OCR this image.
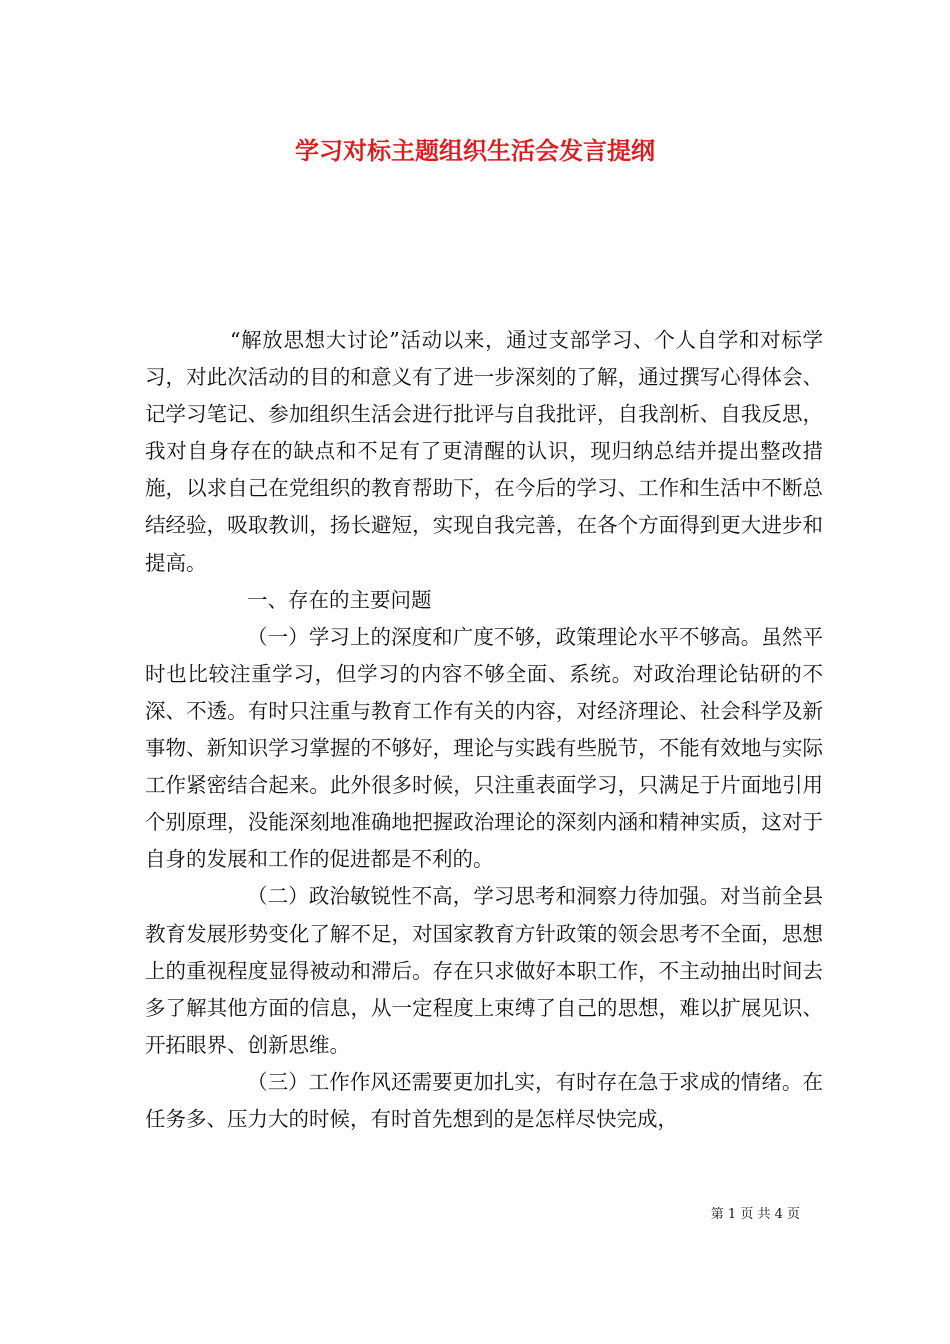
学习对标主题组织生活会发言提纲

“解放思想大讨论”活动以来，通过支部学习、个人自学和对标学习，对此次活动的目的和意义有了进一步深刻的了解，通过撰写心得体会、记学习笔记、参加组织生活会进行批评与自我批评，自我剖析、自我反思，我对自身存在的缺点和不足有了更清醒的认识，现归纳总结并提出整改措施，以求自己在党组织的教育帮助下，在今后的学习、工作和生活中不断总结经验，吸取教训，扬长避短，实现自我完善，在各个方面得到更大进步和提高。

一、存在的主要问题

（一）学习上的深度和广度不够，政策理论水平不够高。虽然平时也比较注重学习，但学习的内容不够全面、系统。对政治理论钻研的不深、不透。有时只注重与教育工作有关的内容，对经济理论、社会科学及新事物、新知识学习掌握的不够好，理论与实践有些脱节，不能有效地与实际工作紧密结合起来。此外很多时候，只注重表面学习，只满足于片面地引用个别原理，没能深刻地准确地把握政治理论的深刻内涵和精神实质，这对于自身的发展和工作的促进都是不利的。

（二）政治敏锐性不高，学习思考和洞察力待加强。对当前全县教育发展形势变化了解不足，对国家教育方针政策的领会思考不全面，思想上的重视程度显得被动和滞后。存在只求做好本职工作，不主动抽出时间去多了解其他方面的信息，从一定程度上束缚了自己的思想，难以扩展见识、开拓眼界、创新思维。

（三）工作作风还需要更加扎实，有时存在急于求成的情绪。在任务多、压力大的时候，有时首先想到的是怎样尽快完成，

第 1 页 共 4 页
